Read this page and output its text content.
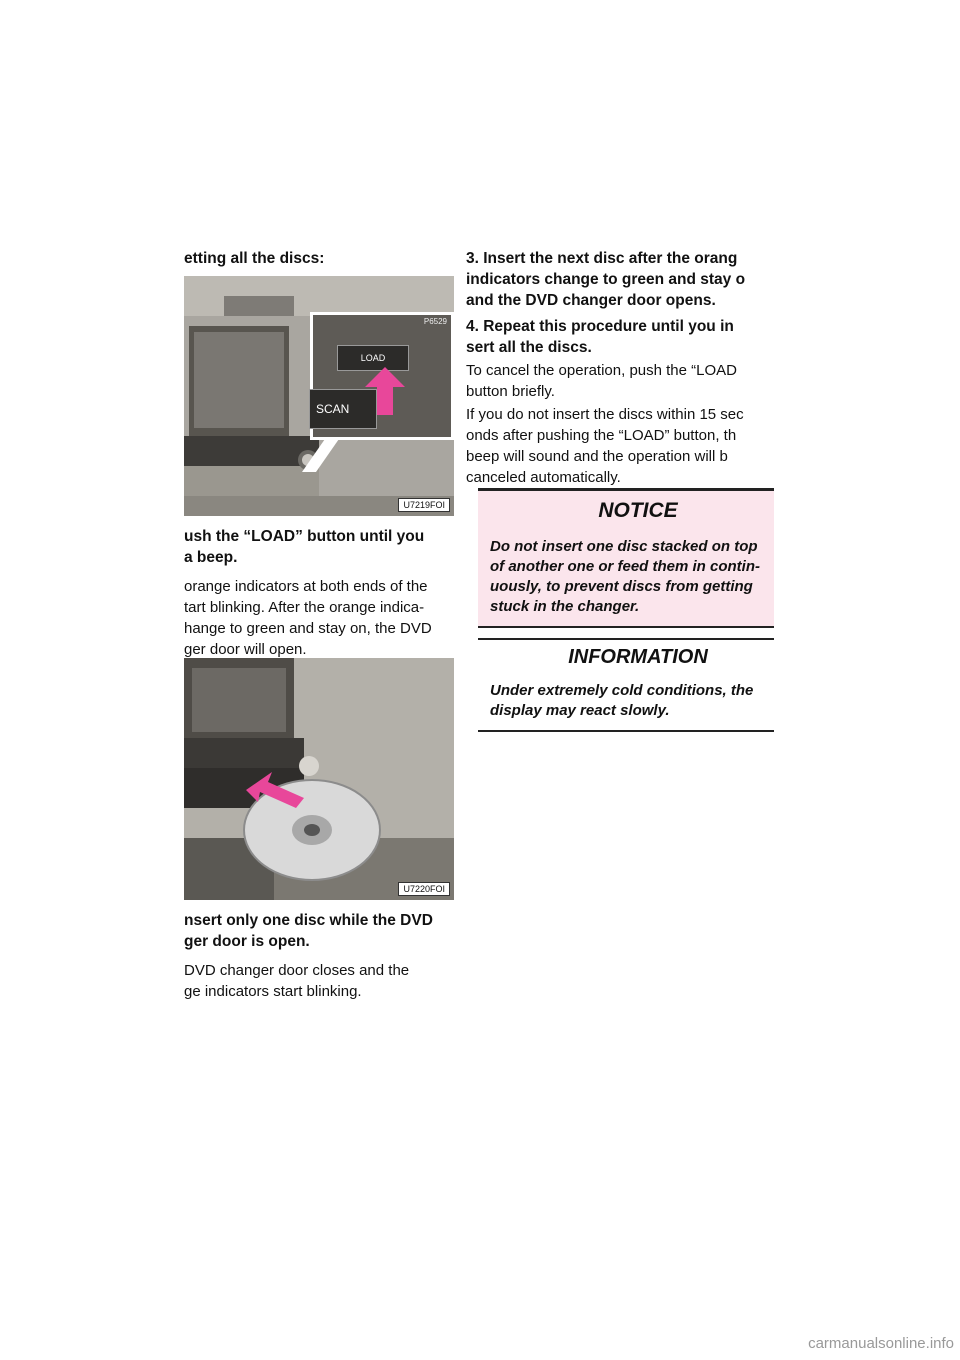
etting all the discs:

P6529
LOAD
SCAN
U7219FOI

ush the “LOAD” button until you

a beep.

orange indicators at both ends of the

tart blinking. After the orange indica-

hange to green and stay on, the DVD

ger door will open.

U7220FOI

nsert only one disc while the DVD

ger door is open.

DVD changer door closes and the

ge indicators start blinking.

3. Insert the next disc after the orang

indicators change to green and stay o

and the DVD changer door opens.

4. Repeat this procedure until you in

sert all the discs.

To cancel the operation, push the “LOAD

button briefly.

If you do not insert the discs within 15 sec

onds after pushing the “LOAD” button, th

beep will sound and the operation will b

canceled automatically.

NOTICE

Do not insert one disc stacked on top

of another one or feed them in contin-

uously, to prevent discs from getting

stuck in the changer.

INFORMATION

Under extremely cold conditions, the

display may react slowly.

carmanualsonline.info
